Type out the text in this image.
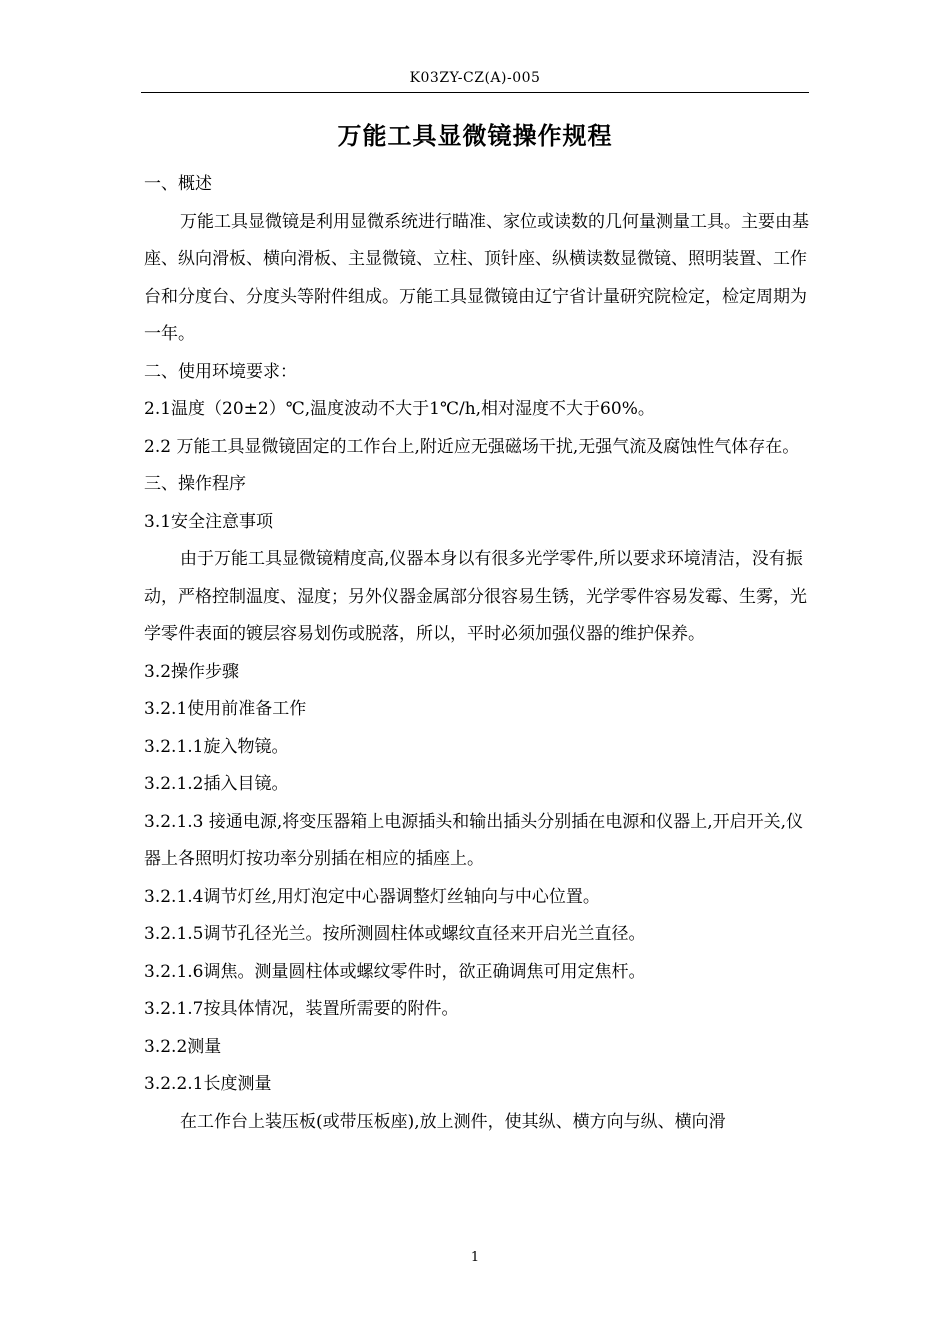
K03ZY-CZ(A)-005
万能工具显微镜操作规程

一、概述

万能工具显微镜是利用显微系统进行瞄准、家位或读数的几何量测量工具。主要由基座、纵向滑板、横向滑板、主显微镜、立柱、顶针座、纵横读数显微镜、照明装置、工作台和分度台、分度头等附件组成。万能工具显微镜由辽宁省计量研究院检定，检定周期为一年。

二、使用环境要求：

2.1温度（20±2）℃,温度波动不大于1℃/h,相对湿度不大于60%。

2.2 万能工具显微镜固定的工作台上,附近应无强磁场干扰,无强气流及腐蚀性气体存在。

三、操作程序

3.1安全注意事项

由于万能工具显微镜精度高,仪器本身以有很多光学零件,所以要求环境清洁，没有振动，严格控制温度、湿度；另外仪器金属部分很容易生锈，光学零件容易发霉、生雾，光学零件表面的镀层容易划伤或脱落，所以，平时必须加强仪器的维护保养。

3.2操作步骤

3.2.1使用前准备工作

3.2.1.1旋入物镜。

3.2.1.2插入目镜。

3.2.1.3 接通电源,将变压器箱上电源插头和输出插头分别插在电源和仪器上,开启开关,仪器上各照明灯按功率分别插在相应的插座上。

3.2.1.4调节灯丝,用灯泡定中心器调整灯丝轴向与中心位置。

3.2.1.5调节孔径光兰。按所测圆柱体或螺纹直径来开启光兰直径。

3.2.1.6调焦。测量圆柱体或螺纹零件时，欲正确调焦可用定焦杆。

3.2.1.7按具体情况，装置所需要的附件。

3.2.2测量

3.2.2.1长度测量

在工作台上装压板(或带压板座),放上测件，使其纵、横方向与纵、横向滑

1
